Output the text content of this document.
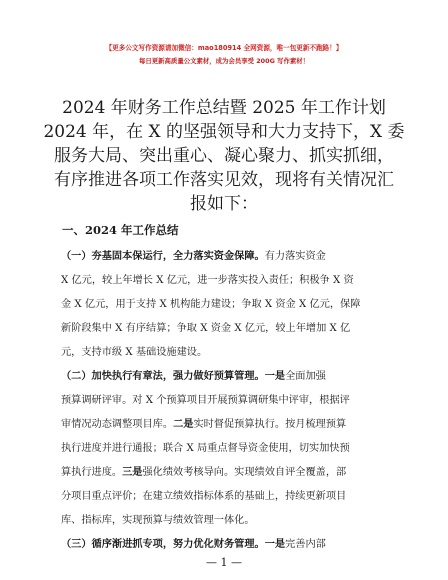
【更多公文写作资源请加微信：mao180914 全网资源，唯一包更新不跑路！】
每日更新高质量公文素材，成为会员享受 200G 写作素材！
2024 年财务工作总结暨 2025 年工作计划
2024 年，在 X 的坚强领导和大力支持下，X 委
服务大局、突出重心、凝心聚力、抓实抓细，
有序推进各项工作落实见效，现将有关情况汇
报如下：
一、2024 年工作总结
（一）夯基固本保运行，全力落实资金保障。有力落实资金
X 亿元，较上年增长 X 亿元，进一步落实投入责任；积极争 X 资
金 X 亿元，用于支持 X 机构能力建设；争取 X 资金 X 亿元，保障
新阶段集中 X 有序结算；争取 X 资金 X 亿元，较上年增加 X 亿
元，支持市级 X 基础设施建设。
（二）加快执行有章法，强力做好预算管理。一是全面加强
预算调研评审。对 X 个预算项目开展预算调研集中评审，根据评
审情况动态调整项目库。二是实时督促预算执行。按月梳理预算
执行进度并进行通报；联合 X 局重点督导资金使用，切实加快预
算执行进度。三是强化绩效考核导向。实现绩效自评全覆盖，部
分项目重点评价；在建立绩效指标体系的基础上，持续更新项目
库、指标库，实现预算与绩效管理一体化。
（三）循序渐进抓专项，努力优化财务管理。一是完善内部
— 1 —
